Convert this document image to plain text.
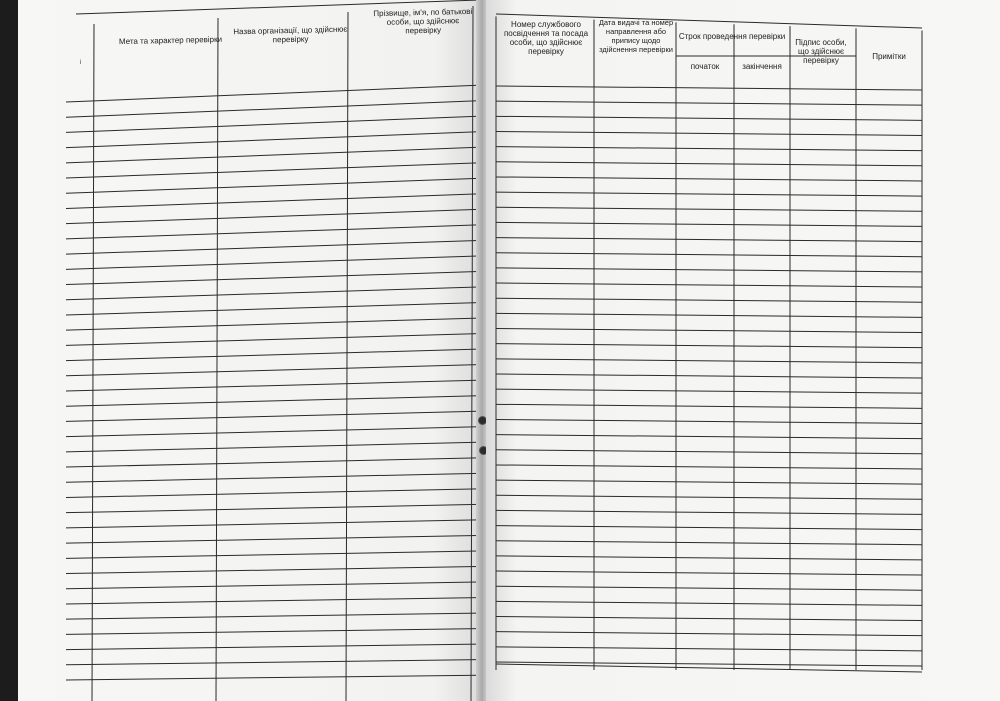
і
Мета та характер перевірки
Назва організації, що здійснює перевірку
Прізвище, ім'я, по батькові особи, що здійснює перевірку
Номер службового посвідчення та посада особи, що здійснює перевірку
Дата видачі та номер направлення або припису щодо здійснення перевірки
Строк проведення перевірки
початок	закінчення
Підпис особи, що здійснює перевірку	Примітки
